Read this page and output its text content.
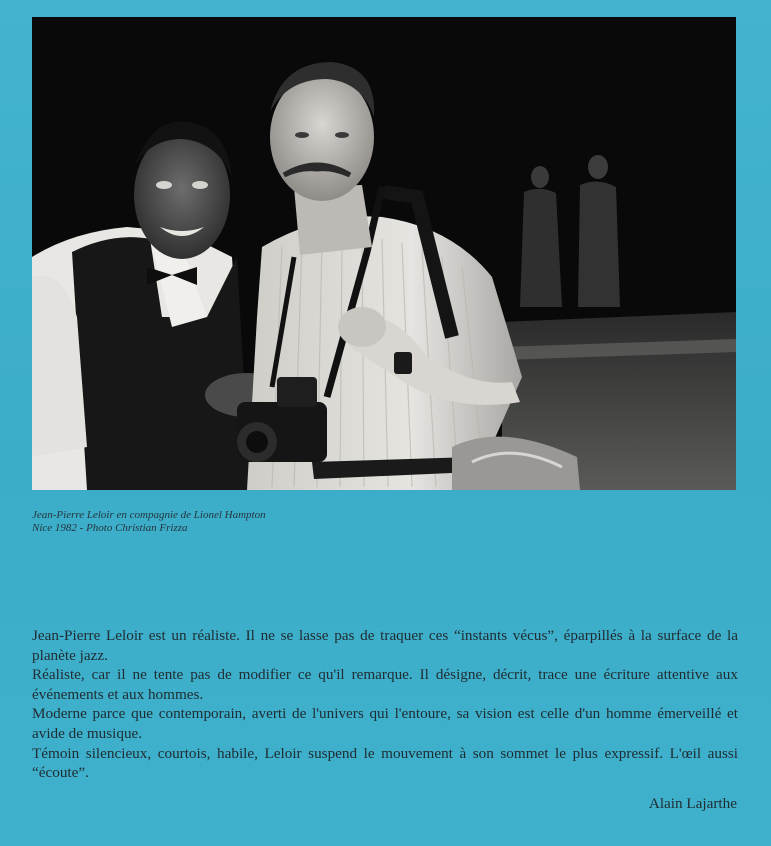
Jean-Pierre Leloir en compagnie de Lionel Hampton
Nice 1982 - Photo Christian Frizza

Jean-Pierre Leloir est un réaliste. Il ne se lasse pas de traquer ces “instants vécus”, éparpillés à la surface de la planète jazz.

Réaliste, car il ne tente pas de modifier ce qu'il remarque. Il désigne, décrit, trace une écriture attentive aux événements et aux hommes.

Moderne parce que contemporain, averti de l'univers qui l'entoure, sa vision est celle d'un homme émerveillé et avide de musique.

Témoin silencieux, courtois, habile, Leloir suspend le mouvement à son sommet le plus expressif. L'œil aussi “écoute”.

Alain Lajarthe
